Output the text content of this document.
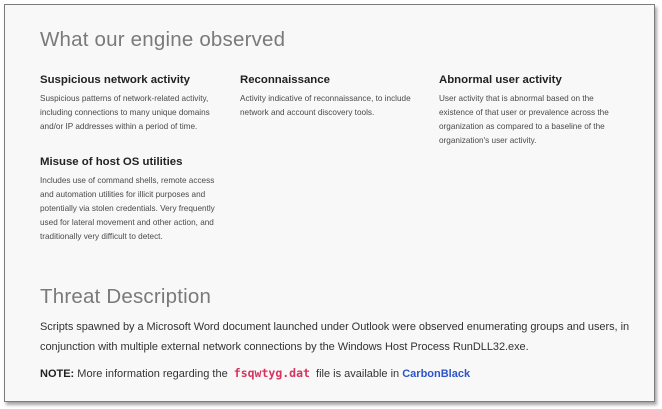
What our engine observed
Suspicious network activity

Suspicious patterns of network-related activity, including connections to many unique domains and/or IP addresses within a period of time.

Reconnaissance

Activity indicative of reconnaissance, to include network and account discovery tools.

Abnormal user activity

User activity that is abnormal based on the existence of that user or prevalence across the organization as compared to a baseline of the organization's user activity.

Misuse of host OS utilities

Includes use of command shells, remote access and automation utilities for illicit purposes and potentially via stolen credentials. Very frequently used for lateral movement and other action, and traditionally very difficult to detect.

Threat Description

Scripts spawned by a Microsoft Word document launched under Outlook were observed enumerating groups and users, in conjunction with multiple external network connections by the Windows Host Process RunDLL32.exe.

NOTE: More information regarding the fsqwtyg.dat file is available in CarbonBlack
